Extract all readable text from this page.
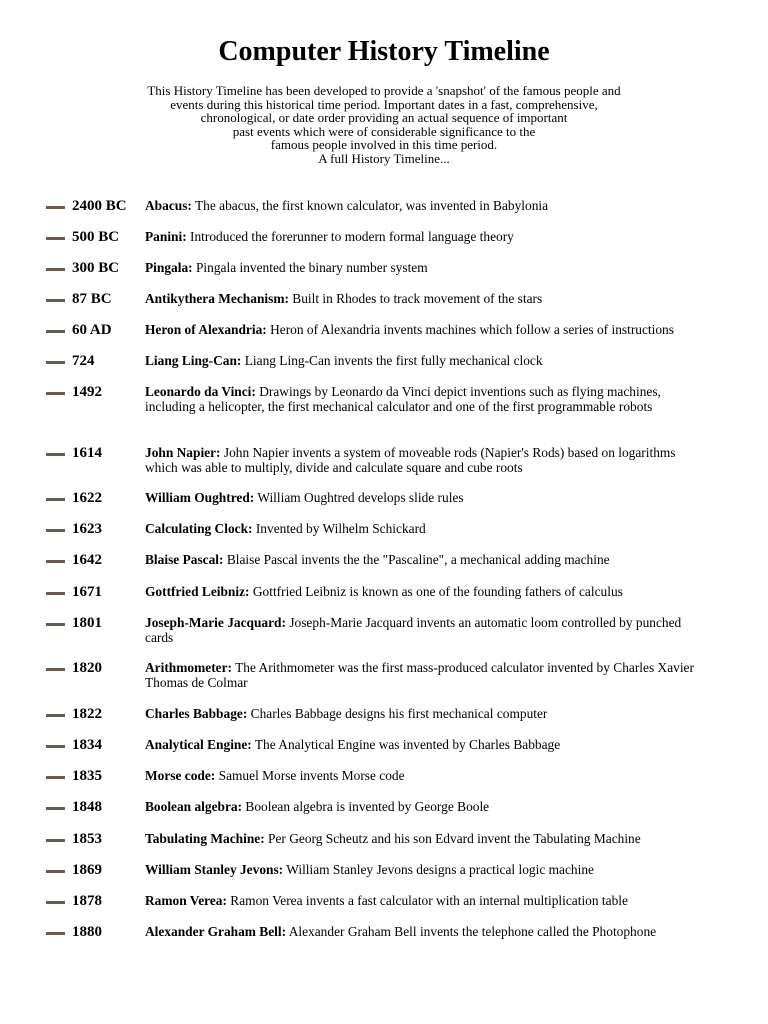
Computer History Timeline
This History Timeline has been developed to provide a 'snapshot' of the famous people and
events during this historical time period. Important dates in a fast, comprehensive,
chronological, or date order providing an actual sequence of important
past events which were of considerable significance to the
famous people involved in this time period.
A full History Timeline...
2400 BC Abacus: The abacus, the first known calculator, was invented in Babylonia
500 BC Panini: Introduced the forerunner to modern formal language theory
300 BC Pingala: Pingala invented the binary number system
87 BC Antikythera Mechanism: Built in Rhodes to track movement of the stars
60 AD Heron of Alexandria: Heron of Alexandria invents machines which follow a series of instructions
724	Liang Ling-Can: Liang Ling-Can invents the first fully mechanical clock
1492	Leonardo da Vinci: Drawings by Leonardo da Vinci depict inventions such as flying machines, including a helicopter, the first mechanical calculator and one of the first programmable robots
1614	John Napier: John Napier invents a system of moveable rods (Napier's Rods) based on logarithms which was able to multiply, divide and calculate square and cube roots
1622	William Oughtred: William Oughtred develops slide rules
1623	Calculating Clock: Invented by Wilhelm Schickard
1642	Blaise Pascal: Blaise Pascal invents the the "Pascaline", a mechanical adding machine
1671	Gottfried Leibniz: Gottfried Leibniz is known as one of the founding fathers of calculus
1801	Joseph-Marie Jacquard: Joseph-Marie Jacquard invents an automatic loom controlled by punched cards
1820	Arithmometer: The Arithmometer was the first mass-produced calculator invented by Charles Xavier Thomas de Colmar
1822	Charles Babbage: Charles Babbage designs his first mechanical computer
1834	Analytical Engine: The Analytical Engine was invented by Charles Babbage
1835	Morse code: Samuel Morse invents Morse code
1848	Boolean algebra: Boolean algebra is invented by George Boole
1853	Tabulating Machine: Per Georg Scheutz and his son Edvard invent the Tabulating Machine
1869	William Stanley Jevons: William Stanley Jevons designs a practical logic machine
1878	Ramon Verea: Ramon Verea invents a fast calculator with an internal multiplication table
1880	Alexander Graham Bell: Alexander Graham Bell invents the telephone called the Photophone
